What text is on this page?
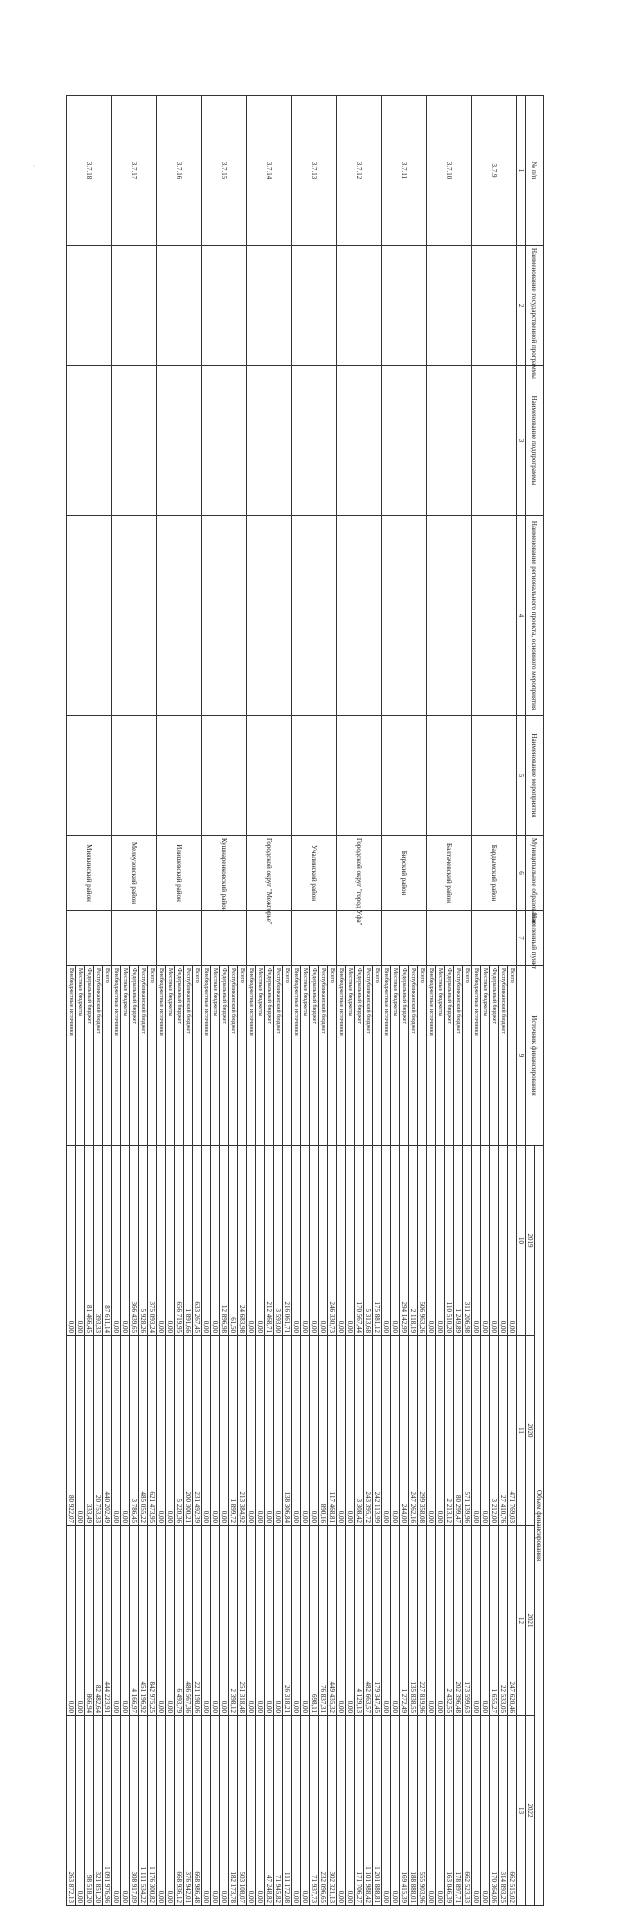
ˈ	№ п/п	Наименование государственной программы	Наименование подпрограммы	Наименование регионального проекта, основного мероприятия	Наименование мероприятия	Муниципальное образование	Населенный пункт	Источник финансирования	Объем финансирования			
								2019	2020	2021	2022
1	2	3	4	5	6	7	9	10	11	12	13
3.7.9					Бардымский район		Всего	0,00	471 769,03	247 620,46	662 515,02
							Республиканский бюджет	0,00	27 410,76	22 533,05	314 893,25
							Федеральный бюджет	0,00	3 212,00	1 655,27	170 364,06
							Местные бюджеты	0,00	0,00	0,00	0,00
							Внебюджетные источники	0,00	0,00	0,00	0,00
3.7.10					Балтачевский район		Всего	311 206,98	571 139,96	173 599,63	662 523,33
							Республиканский бюджет	1 249,89	80 299,47	202 396,48	178 897,71
							Федеральный бюджет	110 510,20	2 213,12	2 432,55	163 046,39
							Местные бюджеты	0,00	0,00	0,00	0,00
							Внебюджетные источники	0,00	0,00	0,00	0,00
3.7.11					Бирский район		Всего	506 963,26	299 358,08	227 819,96	555 903,96
							Республиканский бюджет	2 118,19	247 262,16	135 838,55	188 888,01
							Федеральный бюджет	294 142,99	244,00	1 272,49	169 415,39
							Местные бюджеты	0,00	0,00	0,00	0,00
							Внебюджетные источники	0,00	0,00	0,00	0,00
3.7.12					Городской округ "город Уфа"		Всего	175 881,12	242 113,99	179 347,45	1 201 888,81
							Республиканский бюджет	5 313,68	243 395,72	482 663,57	1 101 988,42
							Федеральный бюджет	170 567,44	3 308,42	4 129,13	171 706,27
							Местные бюджеты	0,00	0,00	0,00	0,00
							Внебюджетные источники	0,00	0,00	0,00	0,00
3.7.13					Учалинский район		Всего	246 330,73	117 468,81	449 435,32	302 321,13
							Республиканский бюджет	0,00	890,16	76 837,31	232 096,65
							Федеральный бюджет	0,00	0,00	698,11	71 937,73
							Местные бюджеты	0,00	0,00	0,00	0,00
							Внебюджетные источники	0,00	0,00	0,00	0,00
3.7.14					Городской округ "Межгорье"		Всего	216 061,71	138 306,84	26 318,21	111 172,08
							Республиканский бюджет	3 593,00	0,00	0,00	71 945,82
							Федеральный бюджет	212 468,71	0,00	0,00	47 248,82
							Местные бюджеты	0,00	0,00	0,00	0,00
							Внебюджетные источники	0,00	0,00	0,00	0,00
3.7.15					Кушнаренковский район		Всего	24 683,98	213 384,92	251 318,48	503 108,07
							Республиканский бюджет	61,50	1 899,72	2 398,12	182 173,78
							Федеральный бюджет	12 896,98	0,00	0,00	0,00
							Местные бюджеты	0,00	0,00	0,00	0,00
							Внебюджетные источники	0,00	0,00	0,00	0,00
3.7.16					Илишевский район		Всего	633 267,45	231 492,39	221 198,06	668 986,48
							Республиканский бюджет	1 891,66	200 300,21	486 567,36	376 942,01
							Федеральный бюджет	656 719,95	5 220,36	6 493,79	668 936,12
							Местные бюджеты	0,00	0,00	0,00	0,00
							Внебюджетные источники	0,00	0,00	0,00	0,00
3.7.17					Мелеузовский район		Всего	375 093,24	621 473,95	842 975,25	1 176 300,82
							Республиканский бюджет	5 928,26	485 055,22	451 196,92	1 111 534,22
							Федеральный бюджет	366 439,65	3 786,45	4 166,97	308 917,09
							Местные бюджеты	0,00	0,00	0,00	0,00
							Внебюджетные источники	0,00	0,00	0,00	0,00
3.7.18					Миякинский район		Всего	87 611,14	440 202,49	444 223,91	1 091 976,96
							Республиканский бюджет	393,33	20 753,33	82 482,64	321 851,20
							Федеральный бюджет	81 466,45	333,49	866,94	98 518,20
							Местные бюджеты	0,00	0,00	0,00	0,00
							Внебюджетные источники	0,00	80 922,07	0,00	263 872,13
